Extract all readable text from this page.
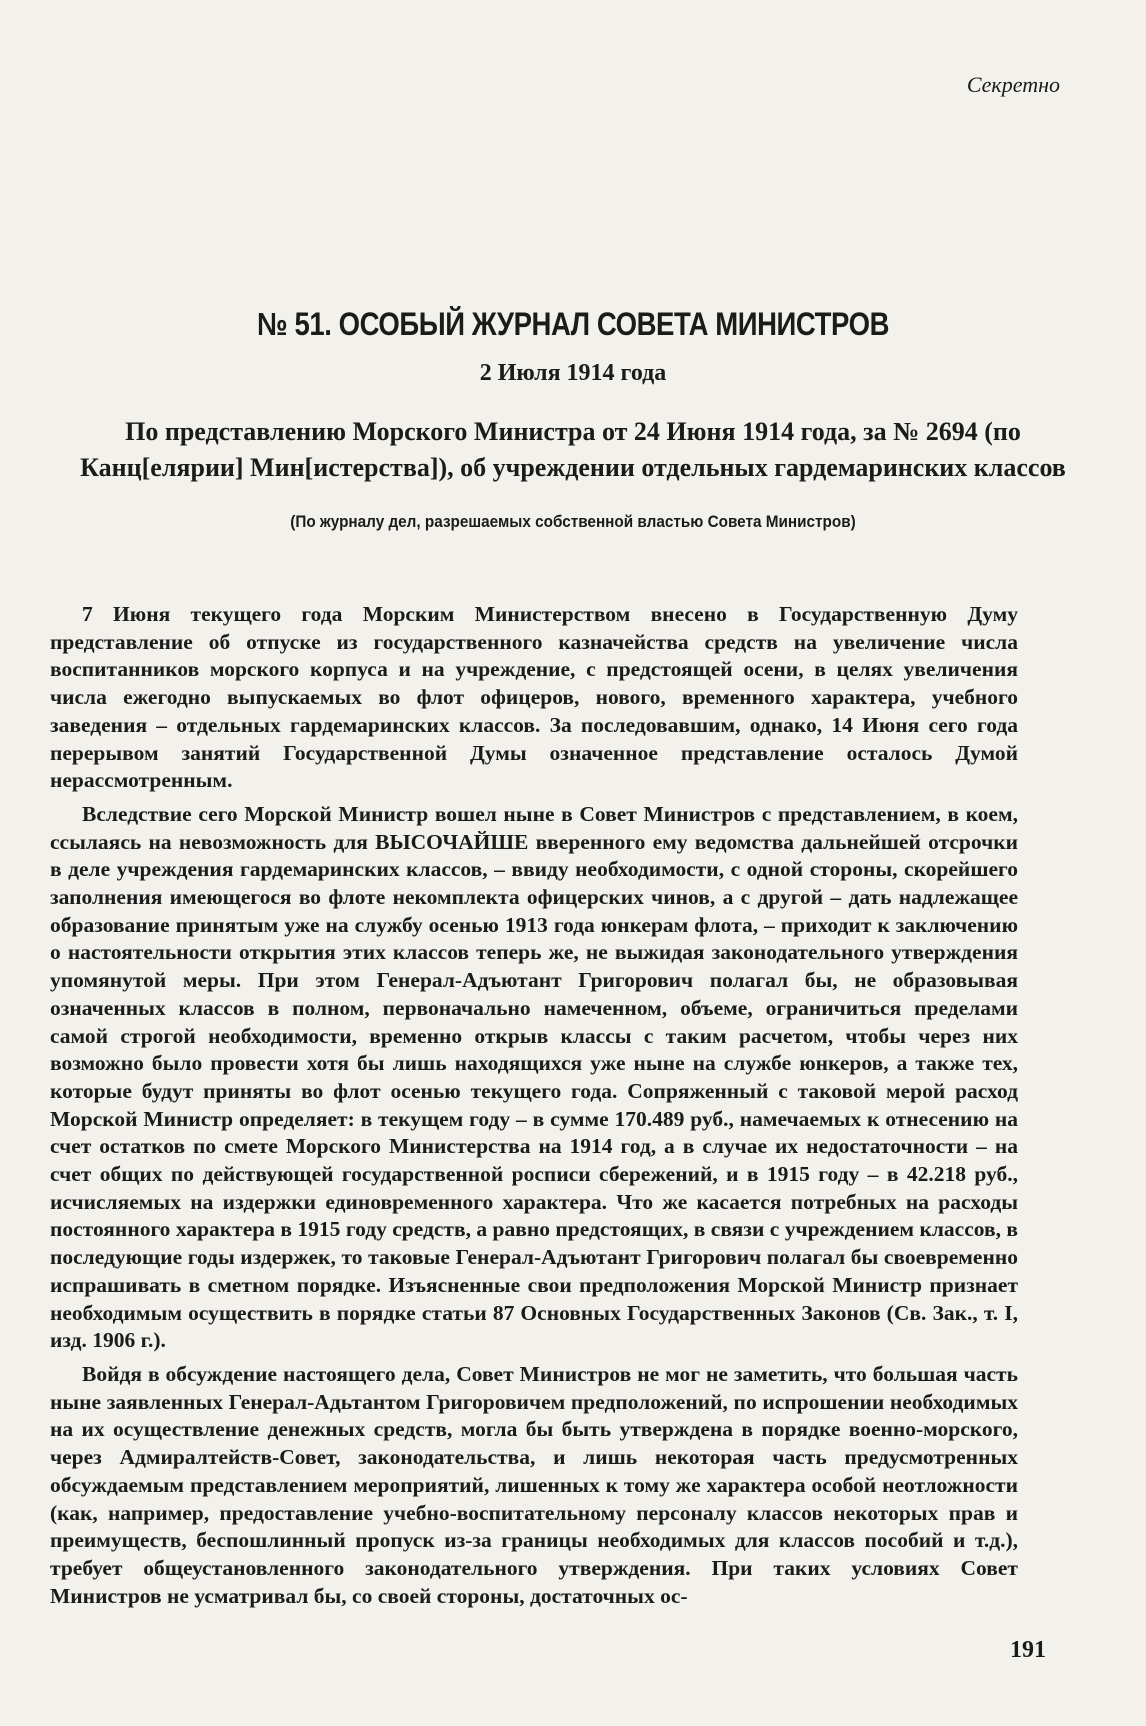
Секретно
№ 51. ОСОБЫЙ ЖУРНАЛ СОВЕТА МИНИСТРОВ
2 Июля 1914 года
По представлению Морского Министра от 24 Июня 1914 года, за № 2694 (по Канц[елярии] Мин[истерства]), об учреждении отдельных гардемаринских классов
(По журналу дел, разрешаемых собственной властью Совета Министров)

7 Июня текущего года Морским Министерством внесено в Государственную Думу представление об отпуске из государственного казначейства средств на увеличение числа воспитанников морского корпуса и на учреждение, с предстоящей осени, в целях увеличения числа ежегодно выпускаемых во флот офицеров, нового, временного характера, учебного заведения – отдельных гардемаринских классов. За последовавшим, однако, 14 Июня сего года перерывом занятий Государственной Думы означенное представление осталось Думой нерассмотренным.

Вследствие сего Морской Министр вошел ныне в Совет Министров с представлением, в коем, ссылаясь на невозможность для ВЫСОЧАЙШЕ вверенного ему ведомства дальнейшей отсрочки в деле учреждения гардемаринских классов, – ввиду необходимости, с одной стороны, скорейшего заполнения имеющегося во флоте некомплекта офицерских чинов, а с другой – дать надлежащее образование принятым уже на службу осенью 1913 года юнкерам флота, – приходит к заключению о настоятельности открытия этих классов теперь же, не выжидая законодательного утверждения упомянутой меры. При этом Генерал-Адъютант Григорович полагал бы, не образовывая означенных классов в полном, первоначально намеченном, объеме, ограничиться пределами самой строгой необходимости, временно открыв классы с таким расчетом, чтобы через них возможно было провести хотя бы лишь находящихся уже ныне на службе юнкеров, а также тех, которые будут приняты во флот осенью текущего года. Сопряженный с таковой мерой расход Морской Министр определяет: в текущем году – в сумме 170.489 руб., намечаемых к отнесению на счет остатков по смете Морского Министерства на 1914 год, а в случае их недостаточности – на счет общих по действующей государственной росписи сбережений, и в 1915 году – в 42.218 руб., исчисляемых на издержки единовременного характера. Что же касается потребных на расходы постоянного характера в 1915 году средств, а равно предстоящих, в связи с учреждением классов, в последующие годы издержек, то таковые Генерал-Адъютант Григорович полагал бы своевременно испрашивать в сметном порядке. Изъясненные свои предположения Морской Министр признает необходимым осуществить в порядке статьи 87 Основных Государственных Законов (Св. Зак., т. I, изд. 1906 г.).

Войдя в обсуждение настоящего дела, Совет Министров не мог не заметить, что большая часть ныне заявленных Генерал-Адьтантом Григоровичем предположений, по испрошении необходимых на их осуществление денежных средств, могла бы быть утверждена в порядке военно-морского, через Адмиралтейств-Совет, законодательства, и лишь некоторая часть предусмотренных обсуждаемым представлением мероприятий, лишенных к тому же характера особой неотложности (как, например, предоставление учебно-воспитательному персоналу классов некоторых прав и преимуществ, беспошлинный пропуск из-за границы необходимых для классов пособий и т.д.), требует общеустановленного законодательного утверждения. При таких условиях Совет Министров не усматривал бы, со своей стороны, достаточных ос-

191
